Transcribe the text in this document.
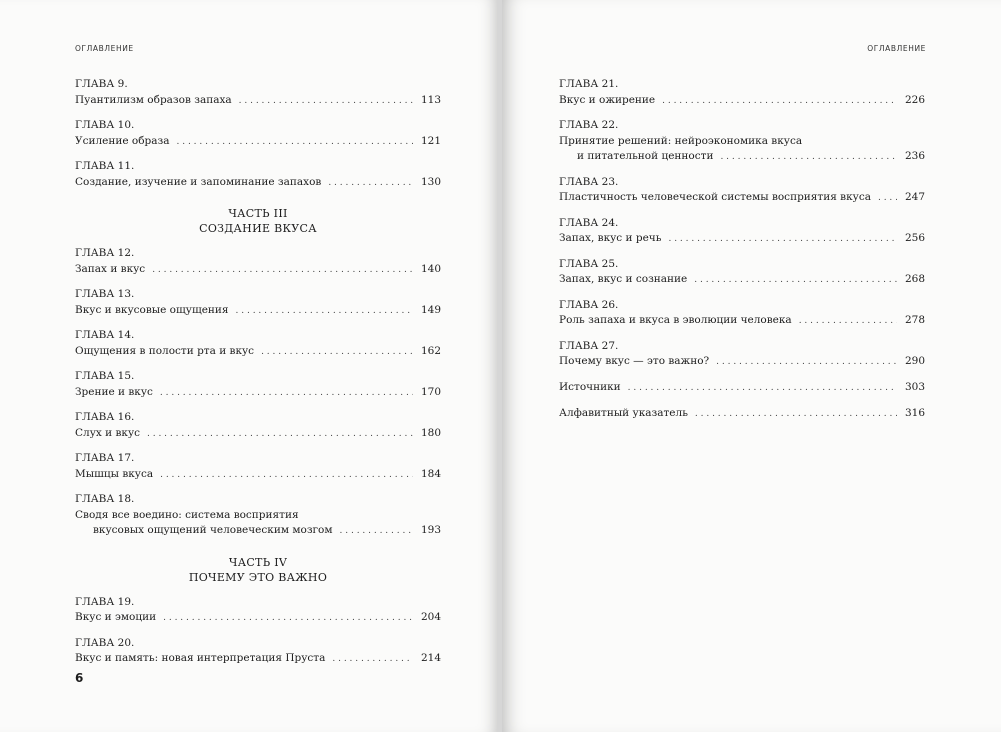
ОГЛАВЛЕНИЕ
ГЛАВА 9.
Пуантилизм образов запаха . . .	113
ГЛАВА 10.
Усиление образа . . .	121
ГЛАВА 11.
Создание, изучение и запоминание запахов . . .	130
ЧАСТЬ III
СОЗДАНИЕ ВКУСА
ГЛАВА 12.
Запах и вкус . . .	140
ГЛАВА 13.
Вкус и вкусовые ощущения . . .	149
ГЛАВА 14.
Ощущения в полости рта и вкус . . .	162
ГЛАВА 15.
Зрение и вкус . . .	170
ГЛАВА 16.
Слух и вкус . . .	180
ГЛАВА 17.
Мышцы вкуса . . .	184
ГЛАВА 18.
Сводя все воедино: система восприятия
вкусовых ощущений человеческим мозгом . . .	193
ЧАСТЬ IV
ПОЧЕМУ ЭТО ВАЖНО
ГЛАВА 19.
Вкус и эмоции . . .	204
ГЛАВА 20.
Вкус и память: новая интерпретация Пруста . . .	214
6
ОГЛАВЛЕНИЕ
ГЛАВА 21.
Вкус и ожирение . . .	226
ГЛАВА 22.
Принятие решений: нейроэкономика вкуса
и питательной ценности . . .	236
ГЛАВА 23.
Пластичность человеческой системы восприятия вкуса . . .	247
ГЛАВА 24.
Запах, вкус и речь . . .	256
ГЛАВА 25.
Запах, вкус и сознание . . .	268
ГЛАВА 26.
Роль запаха и вкуса в эволюции человека . . .	278
ГЛАВА 27.
Почему вкус — это важно? . . .	290
Источники . . .	303
Алфавитный указатель . . .	316
